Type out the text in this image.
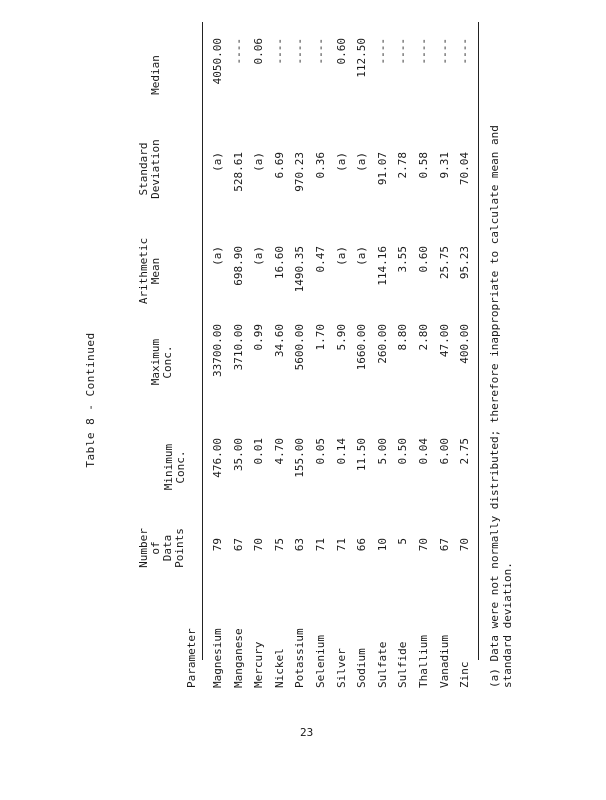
Table 8 - Continued
Parameter
Number
of
Data
Points
Minimum
Conc.
Maximum
Conc.
Arithmetic
Mean
Standard
Deviation
Median
Magnesium
79
476.00
33700.00
(a)
(a)
4050.00
Manganese
67
35.00
3710.00
698.90
528.61
----
Mercury
70
0.01
0.99
(a)
(a)
0.06
Nickel
75
4.70
34.60
16.60
6.69
----
Potassium
63
155.00
5600.00
1490.35
970.23
----
Selenium
71
0.05
1.70
0.47
0.36
----
Silver
71
0.14
5.90
(a)
(a)
0.60
Sodium
66
11.50
1660.00
(a)
(a)
112.50
Sulfate
10
5.00
260.00
114.16
91.07
----
Sulfide
5
0.50
8.80
3.55
2.78
----
Thallium
70
0.04
2.80
0.60
0.58
----
Vanadium
67
6.00
47.00
25.75
9.31
----
Zinc
70
2.75
400.00
95.23
70.04
----
(a) Data were not normally distributed; therefore inappropriate to calculate mean and standard deviation.
23
